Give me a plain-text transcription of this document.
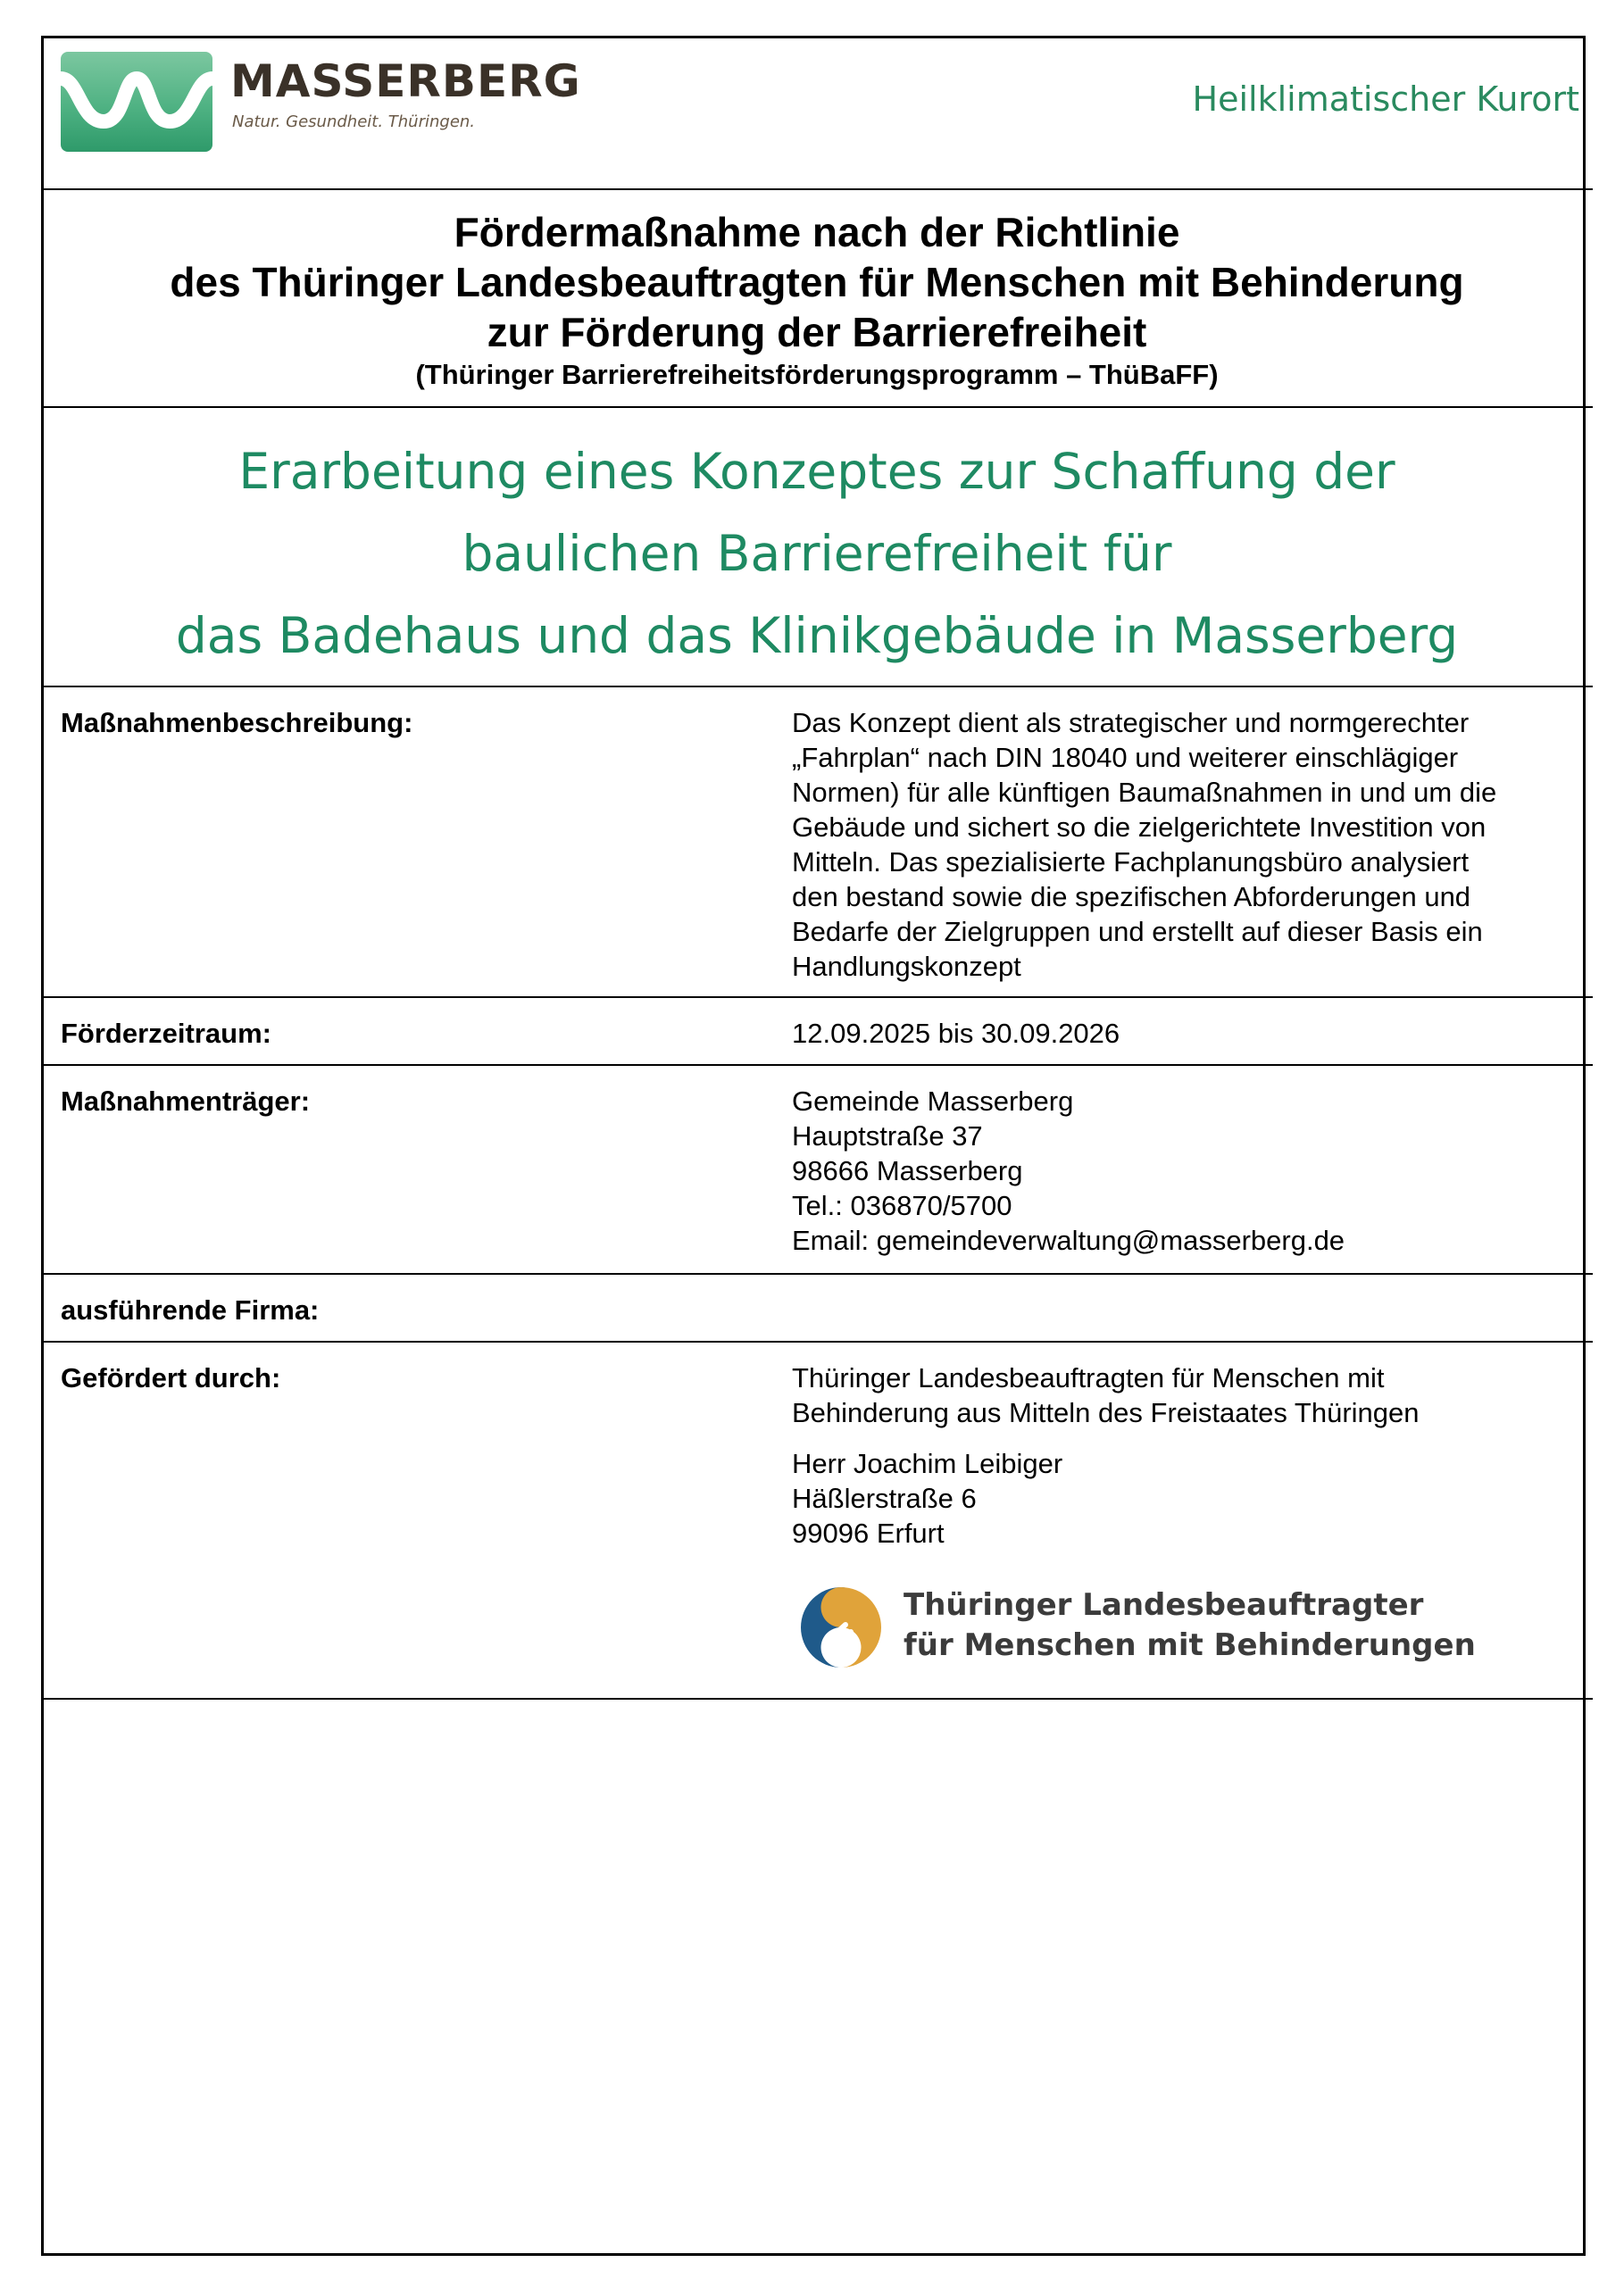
MASSERBERG
Natur. Gesundheit. Thüringen.
Heilklimatischer Kurort
Fördermaßnahme nach der Richtlinie
des Thüringer Landesbeauftragten für Menschen mit Behinderung
zur Förderung der Barrierefreiheit
(Thüringer Barrierefreiheitsförderungsprogramm – ThüBaFF)
Erarbeitung eines Konzeptes zur Schaffung der
baulichen Barrierefreiheit für
das Badehaus und das Klinikgebäude in Masserberg
Maßnahmenbeschreibung:	Das Konzept dient als strategischer und normgerechter
„Fahrplan“ nach DIN 18040 und weiterer einschlägiger
Normen) für alle künftigen Baumaßnahmen in und um die
Gebäude und sichert so die zielgerichtete Investition von
Mitteln. Das spezialisierte Fachplanungsbüro analysiert
den bestand sowie die spezifischen Abforderungen und
Bedarfe der Zielgruppen und erstellt auf dieser Basis ein
Handlungskonzept
Förderzeitraum:	12.09.2025 bis 30.09.2026
Maßnahmenträger:	Gemeinde Masserberg
Hauptstraße 37
98666 Masserberg
Tel.: 036870/5700
Email: gemeindeverwaltung@masserberg.de
ausführende Firma:
Gefördert durch:	Thüringer Landesbeauftragten für Menschen mit
Behinderung aus Mitteln des Freistaates Thüringen
Herr Joachim Leibiger
Häßlerstraße 6
99096 Erfurt
Thüringer Landesbeauftragter
für Menschen mit Behinderungen
